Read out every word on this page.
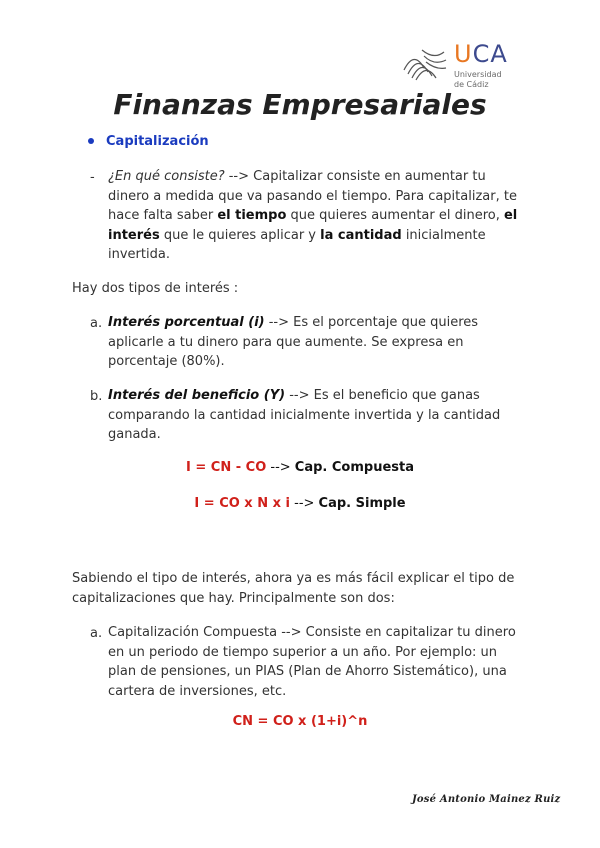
UCA
Universidad
de Cádiz
Finanzas Empresariales
Capitalización
- ¿En qué consiste? --> Capitalizar consiste en aumentar tu dinero a medida que va pasando el tiempo. Para capitalizar, te hace falta saber el tiempo que quieres aumentar el dinero, el interés que le quieres aplicar y la cantidad inicialmente invertida.
Hay dos tipos de interés :
a. Interés porcentual (i) --> Es el porcentaje que quieres aplicarle a tu dinero para que aumente. Se expresa en porcentaje (80%).
b. Interés del beneficio (Y) --> Es el beneficio que ganas comparando la cantidad inicialmente invertida y la cantidad ganada.
I = CN - CO --> Cap. Compuesta
I = CO x N x i --> Cap. Simple
Sabiendo el tipo de interés, ahora ya es más fácil explicar el tipo de capitalizaciones que hay. Principalmente son dos:
a. Capitalización Compuesta --> Consiste en capitalizar tu dinero en un periodo de tiempo superior a un año. Por ejemplo: un plan de pensiones, un PIAS (Plan de Ahorro Sistemático), una cartera de inversiones, etc.
CN = CO x (1+i)^n
José Antonio Mainez Ruiz
